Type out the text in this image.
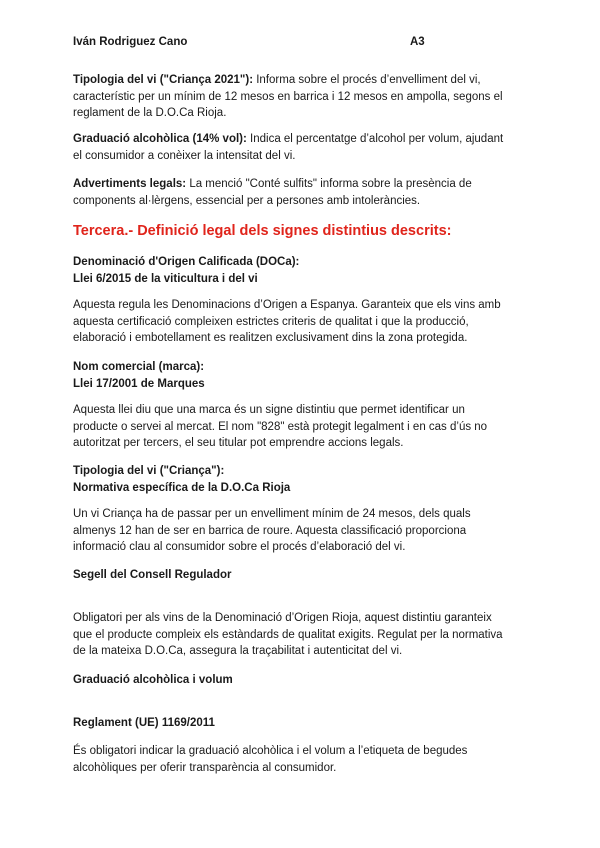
Iván Rodriguez Cano	A3
Tipologia del vi ("Criança 2021"): Informa sobre el procés d’envelliment del vi,
característic per un mínim de 12 mesos en barrica i 12 mesos en ampolla, segons el
reglament de la D.O.Ca Rioja.
Graduació alcohòlica (14% vol): Indica el percentatge d’alcohol per volum, ajudant
el consumidor a conèixer la intensitat del vi.
Advertiments legals: La menció "Conté sulfits" informa sobre la presència de
components al·lèrgens, essencial per a persones amb intoleràncies.
Tercera.- Definició legal dels signes distintius descrits:
Denominació d'Origen Calificada (DOCa):
Llei 6/2015 de la viticultura i del vi
Aquesta regula les Denominacions d’Origen a Espanya. Garanteix que els vins amb
aquesta certificació compleixen estrictes criteris de qualitat i que la producció,
elaboració i embotellament es realitzen exclusivament dins la zona protegida.
Nom comercial (marca):
Llei 17/2001 de Marques
Aquesta llei diu que una marca és un signe distintiu que permet identificar un
producte o servei al mercat. El nom "828" està protegit legalment i en cas d’ús no
autoritzat per tercers, el seu titular pot emprendre accions legals.
Tipologia del vi ("Criança"):
Normativa específica de la D.O.Ca Rioja
Un vi Criança ha de passar per un envelliment mínim de 24 mesos, dels quals
almenys 12 han de ser en barrica de roure. Aquesta classificació proporciona
informació clau al consumidor sobre el procés d’elaboració del vi.
Segell del Consell Regulador
Obligatori per als vins de la Denominació d’Origen Rioja, aquest distintiu garanteix
que el producte compleix els estàndards de qualitat exigits. Regulat per la normativa
de la mateixa D.O.Ca, assegura la traçabilitat i autenticitat del vi.
Graduació alcohòlica i volum
Reglament (UE) 1169/2011
És obligatori indicar la graduació alcohòlica i el volum a l’etiqueta de begudes
alcohòliques per oferir transparència al consumidor.
